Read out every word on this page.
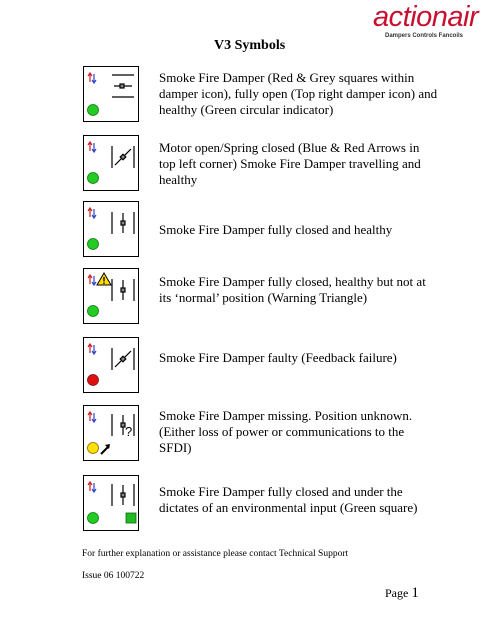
actionair
Dampers Controls Fancoils
V3 Symbols
Smoke Fire Damper (Red & Grey squares within damper icon), fully open (Top right damper icon) and healthy (Green circular indicator)
Motor open/Spring closed (Blue & Red Arrows in top left corner) Smoke Fire Damper travelling and healthy
Smoke Fire Damper fully closed and healthy
Smoke Fire Damper fully closed, healthy but not at its ‘normal’ position (Warning Triangle)
Smoke Fire Damper faulty (Feedback failure)
?
Smoke Fire Damper missing. Position unknown. (Either loss of power or communications to the SFDI)
Smoke Fire Damper fully closed and under the dictates of an environmental input (Green square)
For further explanation or assistance please contact Technical Support
Issue 06 100722
Page 1
